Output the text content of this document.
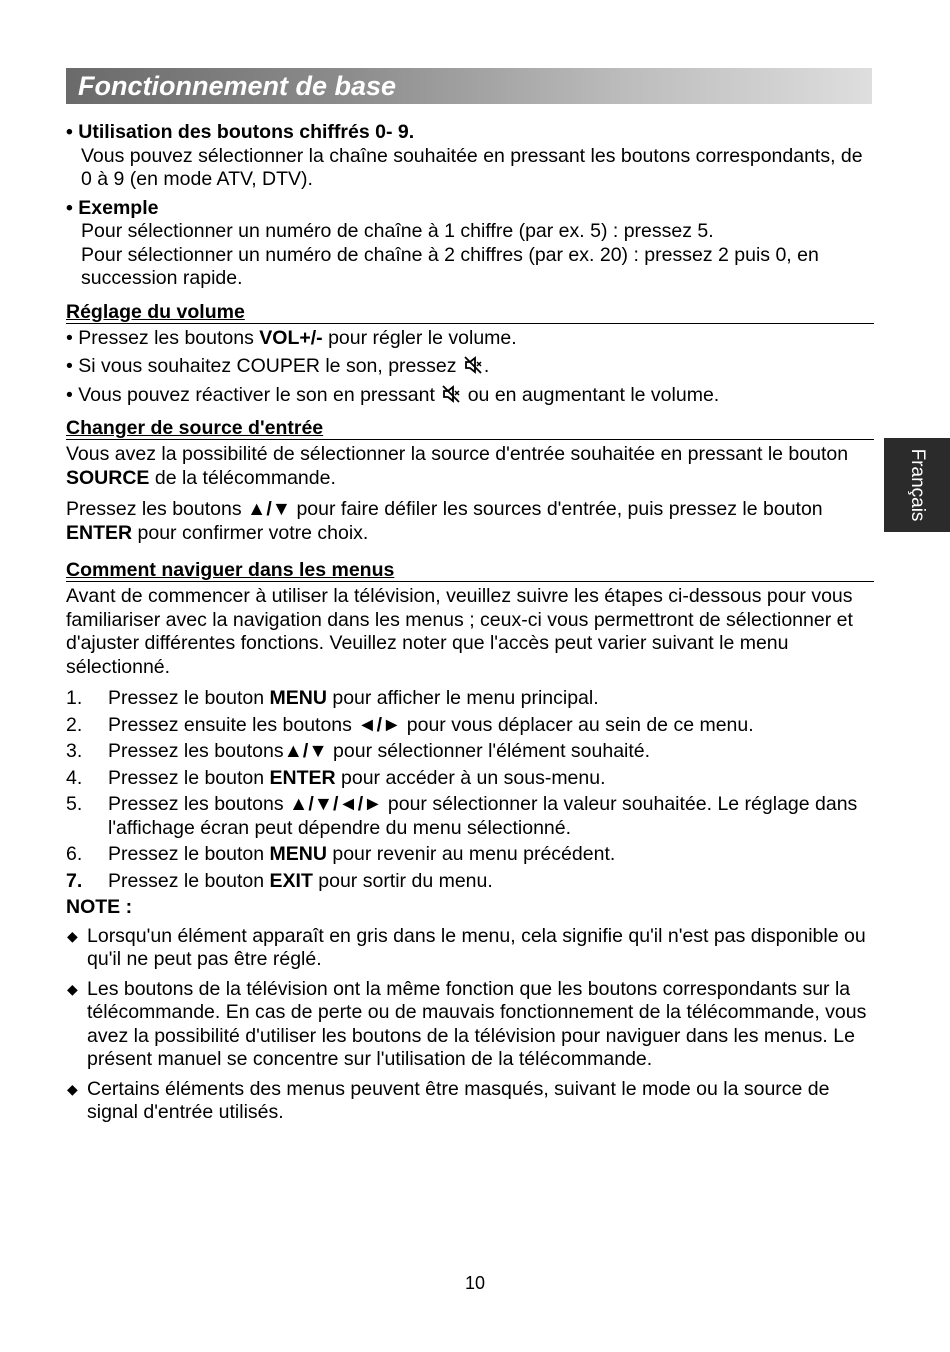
Fonctionnement de base
Français

• Utilisation des boutons chiffrés 0- 9.

Vous pouvez sélectionner la chaîne souhaitée en pressant les boutons correspondants, de 0 à 9 (en mode ATV, DTV).

• Exemple

Pour sélectionner un numéro de chaîne à 1 chiffre (par ex. 5) : pressez 5.

Pour sélectionner un numéro de chaîne à 2 chiffres (par ex. 20) : pressez 2 puis 0, en succession rapide.

Réglage du volume

• Pressez les boutons VOL+/- pour régler le volume.

• Si vous souhaitez COUPER le son, pressez .

• Vous pouvez réactiver le son en pressant  ou en augmentant le volume.

Changer de source d'entrée

Vous avez la possibilité de sélectionner la source d'entrée souhaitée en pressant le bouton SOURCE de la télécommande.

Pressez les boutons ▲/▼ pour faire défiler les sources d'entrée, puis pressez le bouton ENTER pour confirmer votre choix.

Comment naviguer dans les menus

Avant de commencer à utiliser la télévision, veuillez suivre les étapes ci-dessous pour vous familiariser avec la navigation dans les menus ; ceux-ci vous permettront de sélectionner et d'ajuster différentes fonctions. Veuillez noter que l'accès peut varier suivant le menu sélectionné.

1. Pressez le bouton MENU pour afficher le menu principal.
2. Pressez ensuite les boutons ◄/► pour vous déplacer au sein de ce menu.
3. Pressez les boutons▲/▼ pour sélectionner l'élément souhaité.
4. Pressez le bouton ENTER pour accéder à un sous-menu.
5. Pressez les boutons ▲/▼/◄/► pour sélectionner la valeur souhaitée. Le réglage dans l'affichage écran peut dépendre du menu sélectionné.
6. Pressez le bouton MENU pour revenir au menu précédent.
7. Pressez le bouton EXIT pour sortir du menu.

NOTE :

◆ Lorsqu'un élément apparaît en gris dans le menu, cela signifie qu'il n'est pas disponible ou qu'il ne peut pas être réglé.
◆ Les boutons de la télévision ont la même fonction que les boutons correspondants sur la télécommande. En cas de perte ou de mauvais fonctionnement de la télécommande, vous avez la possibilité d'utiliser les boutons de la télévision pour naviguer dans les menus. Le présent manuel se concentre sur l'utilisation de la télécommande.
◆ Certains éléments des menus peuvent être masqués, suivant le mode ou la source de signal d'entrée utilisés.
10
